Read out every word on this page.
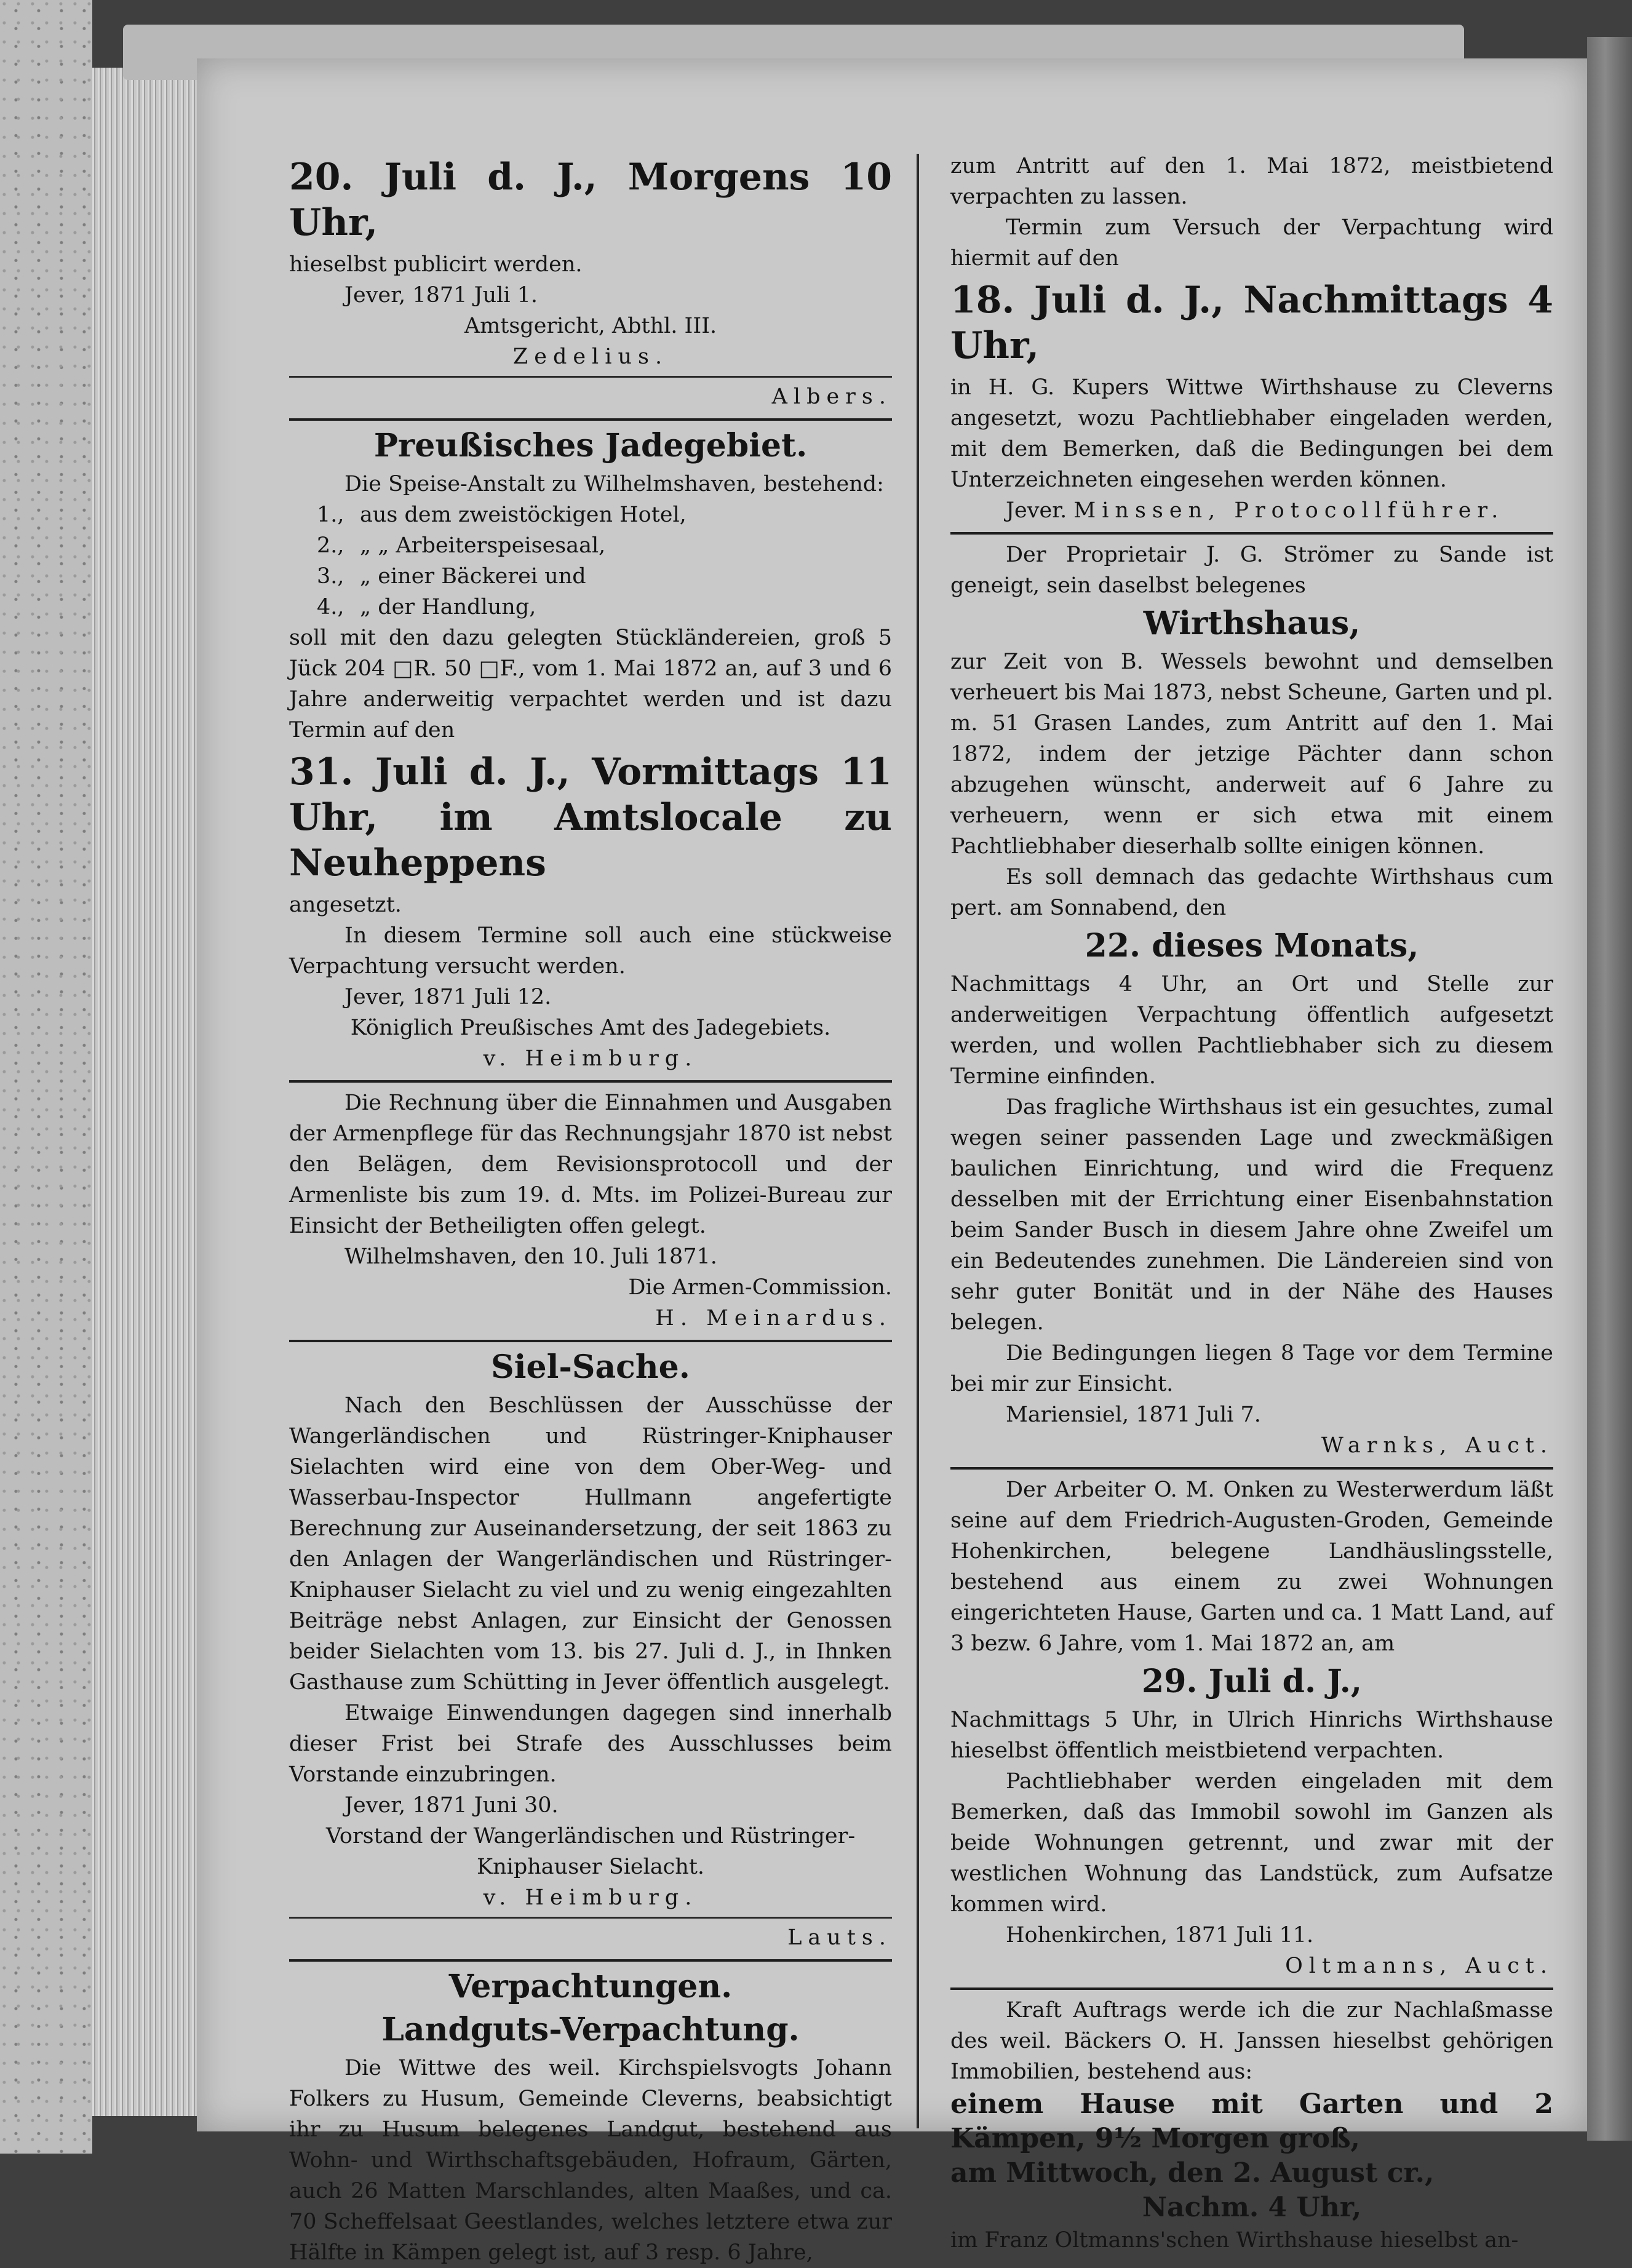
20. Juli d. J., Morgens 10 Uhr,

hieselbst publicirt werden.

Jever, 1871 Juli 1.

Amtsgericht, Abthl. III.

Zedelius.

Albers.

Preußisches Jadegebiet.

Die Speise-Anstalt zu Wilhelmshaven, bestehend:

1., aus dem zweistöckigen Hotel,

2., „ „ Arbeiterspeisesaal,

3., „ einer Bäckerei und

4., „ der Handlung,

soll mit den dazu gelegten Stückländereien, groß 5 Jück 204 □R. 50 □F., vom 1. Mai 1872 an, auf 3 und 6 Jahre anderweitig verpachtet werden und ist dazu Termin auf den

31. Juli d. J., Vormittags 11 Uhr, im Amtslocale zu Neuheppens

angesetzt.

In diesem Termine soll auch eine stückweise Verpachtung versucht werden.

Jever, 1871 Juli 12.

Königlich Preußisches Amt des Jadegebiets.

v. Heimburg.

Die Rechnung über die Einnahmen und Ausgaben der Armenpflege für das Rechnungsjahr 1870 ist nebst den Belägen, dem Revisionsprotocoll und der Armenliste bis zum 19. d. Mts. im Polizei-Bureau zur Einsicht der Betheiligten offen gelegt.

Wilhelmshaven, den 10. Juli 1871.

Die Armen-Commission.

H. Meinardus.

Siel-Sache.

Nach den Beschlüssen der Ausschüsse der Wangerländischen und Rüstringer-Kniphauser Sielachten wird eine von dem Ober-Weg- und Wasserbau-Inspector Hullmann angefertigte Berechnung zur Auseinandersetzung, der seit 1863 zu den Anlagen der Wangerländischen und Rüstringer-Kniphauser Sielacht zu viel und zu wenig eingezahlten Beiträge nebst Anlagen, zur Einsicht der Genossen beider Sielachten vom 13. bis 27. Juli d. J., in Ihnken Gasthause zum Schütting in Jever öffentlich ausgelegt.

Etwaige Einwendungen dagegen sind innerhalb dieser Frist bei Strafe des Ausschlusses beim Vorstande einzubringen.

Jever, 1871 Juni 30.

Vorstand der Wangerländischen und Rüstringer-

Kniphauser Sielacht.

v. Heimburg.

Lauts.

Verpachtungen.

Landguts-Verpachtung.

Die Wittwe des weil. Kirchspielsvogts Johann Folkers zu Husum, Gemeinde Cleverns, beabsichtigt ihr zu Husum belegenes Landgut, bestehend aus Wohn- und Wirthschaftsgebäuden, Hofraum, Gärten, auch 26 Matten Marschlandes, alten Maaßes, und ca. 70 Scheffelsaat Geestlandes, welches letztere etwa zur Hälfte in Kämpen gelegt ist, auf 3 resp. 6 Jahre,

zum Antritt auf den 1. Mai 1872, meistbietend verpachten zu lassen.

Termin zum Versuch der Verpachtung wird hiermit auf den

18. Juli d. J., Nachmittags 4 Uhr,

in H. G. Kupers Wittwe Wirthshause zu Cleverns angesetzt, wozu Pachtliebhaber eingeladen werden, mit dem Bemerken, daß die Bedingungen bei dem Unterzeichneten eingesehen werden können.

Jever. Minssen, Protocollführer.

Der Proprietair J. G. Strömer zu Sande ist geneigt, sein daselbst belegenes

Wirthshaus,

zur Zeit von B. Wessels bewohnt und demselben verheuert bis Mai 1873, nebst Scheune, Garten und pl. m. 51 Grasen Landes, zum Antritt auf den 1. Mai 1872, indem der jetzige Pächter dann schon abzugehen wünscht, anderweit auf 6 Jahre zu verheuern, wenn er sich etwa mit einem Pachtliebhaber dieserhalb sollte einigen können.

Es soll demnach das gedachte Wirthshaus cum pert. am Sonnabend, den

22. dieses Monats,

Nachmittags 4 Uhr, an Ort und Stelle zur anderweitigen Verpachtung öffentlich aufgesetzt werden, und wollen Pachtliebhaber sich zu diesem Termine einfinden.

Das fragliche Wirthshaus ist ein gesuchtes, zumal wegen seiner passenden Lage und zweckmäßigen baulichen Einrichtung, und wird die Frequenz desselben mit der Errichtung einer Eisenbahnstation beim Sander Busch in diesem Jahre ohne Zweifel um ein Bedeutendes zunehmen. Die Ländereien sind von sehr guter Bonität und in der Nähe des Hauses belegen.

Die Bedingungen liegen 8 Tage vor dem Termine bei mir zur Einsicht.

Mariensiel, 1871 Juli 7.

Warnks, Auct.

Der Arbeiter O. M. Onken zu Westerwerdum läßt seine auf dem Friedrich-Augusten-Groden, Gemeinde Hohenkirchen, belegene Landhäuslingsstelle, bestehend aus einem zu zwei Wohnungen eingerichteten Hause, Garten und ca. 1 Matt Land, auf 3 bezw. 6 Jahre, vom 1. Mai 1872 an, am

29. Juli d. J.,

Nachmittags 5 Uhr, in Ulrich Hinrichs Wirthshause hieselbst öffentlich meistbietend verpachten.

Pachtliebhaber werden eingeladen mit dem Bemerken, daß das Immobil sowohl im Ganzen als beide Wohnungen getrennt, und zwar mit der westlichen Wohnung das Landstück, zum Aufsatze kommen wird.

Hohenkirchen, 1871 Juli 11.

Oltmanns, Auct.

Kraft Auftrags werde ich die zur Nachlaßmasse des weil. Bäckers O. H. Janssen hieselbst gehörigen Immobilien, bestehend aus:

einem Hause mit Garten und 2 Kämpen, 9½ Morgen groß,

am Mittwoch, den 2. August cr.,

Nachm. 4 Uhr,

im Franz Oltmanns'schen Wirthshause hieselbst an-
